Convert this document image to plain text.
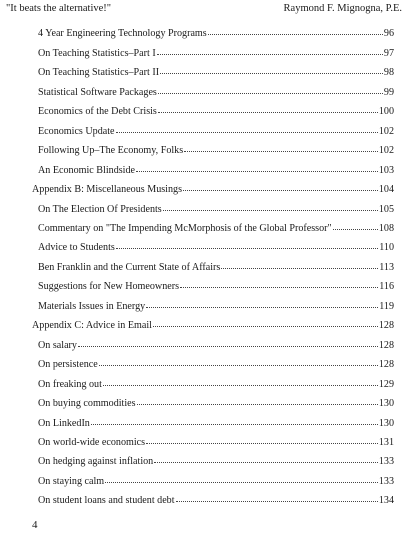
"It beats the alternative!"	Raymond F. Mignogna, P.E.
4 Year Engineering Technology Programs	96
On Teaching Statistics–Part I	97
On Teaching Statistics–Part II	98
Statistical Software Packages	99
Economics of the Debt Crisis	100
Economics Update	102
Following Up–The Economy, Folks	102
An Economic Blindside	103
Appendix B: Miscellaneous Musings	104
On The Election Of Presidents	105
Commentary on "The Impending McMorphosis of the Global Professor"	108
Advice to Students	110
Ben Franklin and the Current State of Affairs	113
Suggestions for New Homeowners	116
Materials Issues in Energy	119
Appendix C: Advice in Email	128
On salary	128
On persistence	128
On freaking out	129
On buying commodities	130
On LinkedIn	130
On world-wide economics	131
On hedging against inflation	133
On staying calm	133
On student loans and student debt	134
4
